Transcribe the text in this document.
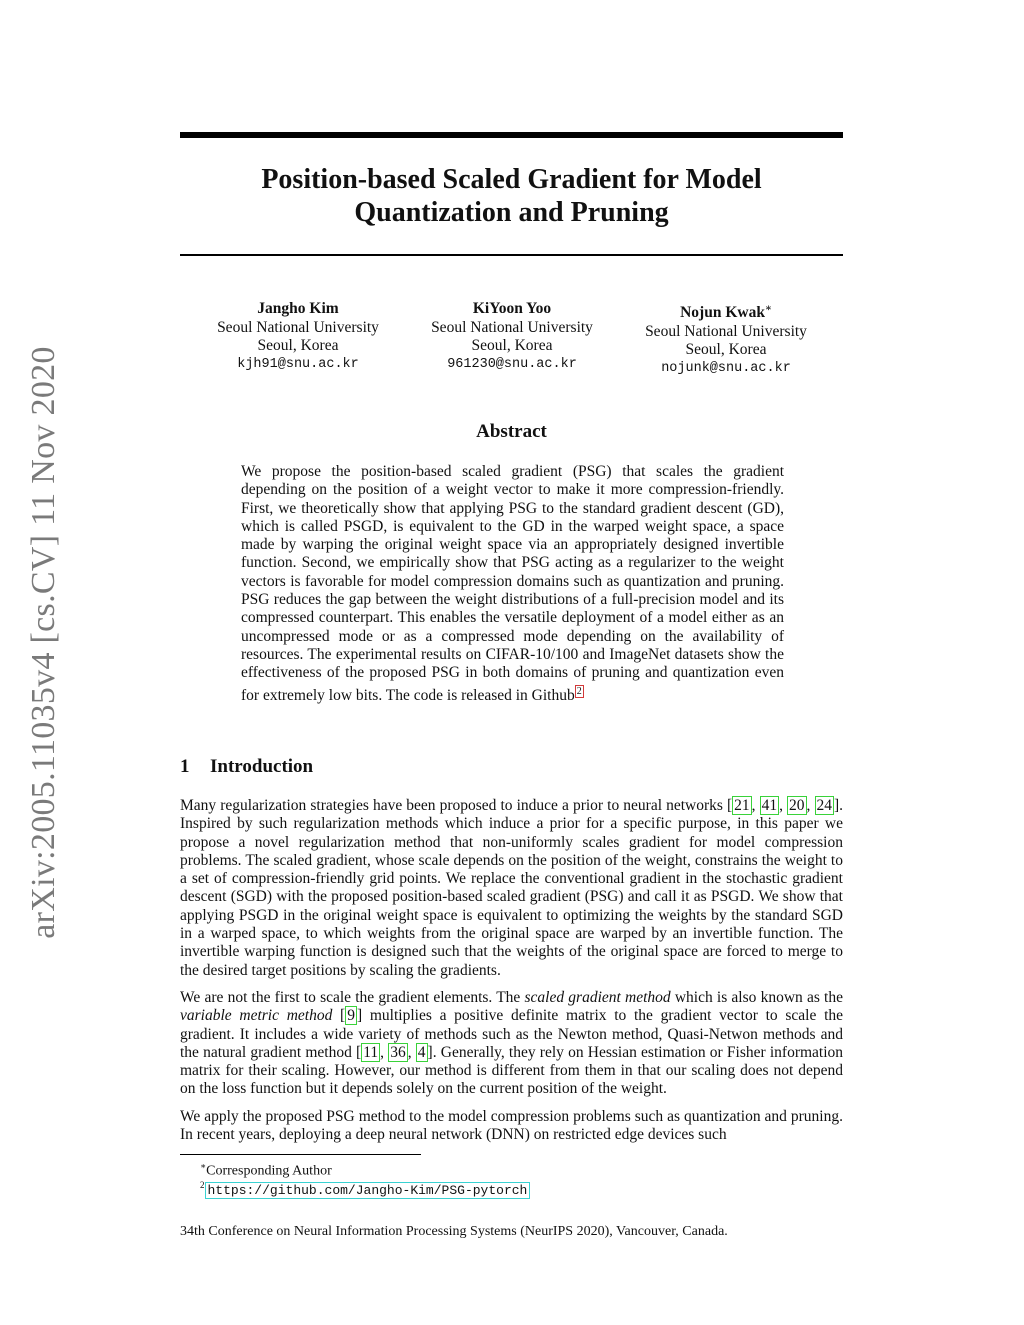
arXiv:2005.11035v4 [cs.CV] 11 Nov 2020
Position-based Scaled Gradient for Model
Quantization and Pruning
Jangho Kim
Seoul National University
Seoul, Korea
kjh91@snu.ac.kr
KiYoon Yoo
Seoul National University
Seoul, Korea
961230@snu.ac.kr
Nojun Kwak∗
Seoul National University
Seoul, Korea
nojunk@snu.ac.kr
Abstract
We propose the position-based scaled gradient (PSG) that scales the gradient depending on the position of a weight vector to make it more compression-friendly. First, we theoretically show that applying PSG to the standard gradient descent (GD), which is called PSGD, is equivalent to the GD in the warped weight space, a space made by warping the original weight space via an appropriately designed invertible function. Second, we empirically show that PSG acting as a regularizer to the weight vectors is favorable for model compression domains such as quantization and pruning. PSG reduces the gap between the weight distributions of a full-precision model and its compressed counterpart. This enables the versatile deployment of a model either as an uncompressed mode or as a compressed mode depending on the availability of resources. The experimental results on CIFAR-10/100 and ImageNet datasets show the effectiveness of the proposed PSG in both domains of pruning and quantization even for extremely low bits. The code is released in Github $^2$
1 Introduction

Many regularization strategies have been proposed to induce a prior to neural networks [ 21 , 41 , 20 , 24 ]. Inspired by such regularization methods which induce a prior for a specific purpose, in this paper we propose a novel regularization method that non-uniformly scales gradient for model compression problems. The scaled gradient, whose scale depends on the position of the weight, constrains the weight to a set of compression-friendly grid points. We replace the conventional gradient in the stochastic gradient descent (SGD) with the proposed position-based scaled gradient (PSG) and call it as PSGD. We show that applying PSGD in the original weight space is equivalent to optimizing the weights by the standard SGD in a warped space, to which weights from the original space are warped by an invertible function. The invertible warping function is designed such that the weights of the original space are forced to merge to the desired target positions by scaling the gradients.

We are not the first to scale the gradient elements. The scaled gradient method which is also known as the variable metric method [ 9 ] multiplies a positive definite matrix to the gradient vector to scale the gradient. It includes a wide variety of methods such as the Newton method, Quasi-Netwon methods and the natural gradient method [ 11 , 36 , 4 ]. Generally, they rely on Hessian estimation or Fisher information matrix for their scaling. However, our method is different from them in that our scaling does not depend on the loss function but it depends solely on the current position of the weight.

We apply the proposed PSG method to the model compression problems such as quantization and pruning. In recent years, deploying a deep neural network (DNN) on restricted edge devices such

∗Corresponding Author
$^2$ https://github.com/Jangho-Kim/PSG-pytorch
34th Conference on Neural Information Processing Systems (NeurIPS 2020), Vancouver, Canada.
